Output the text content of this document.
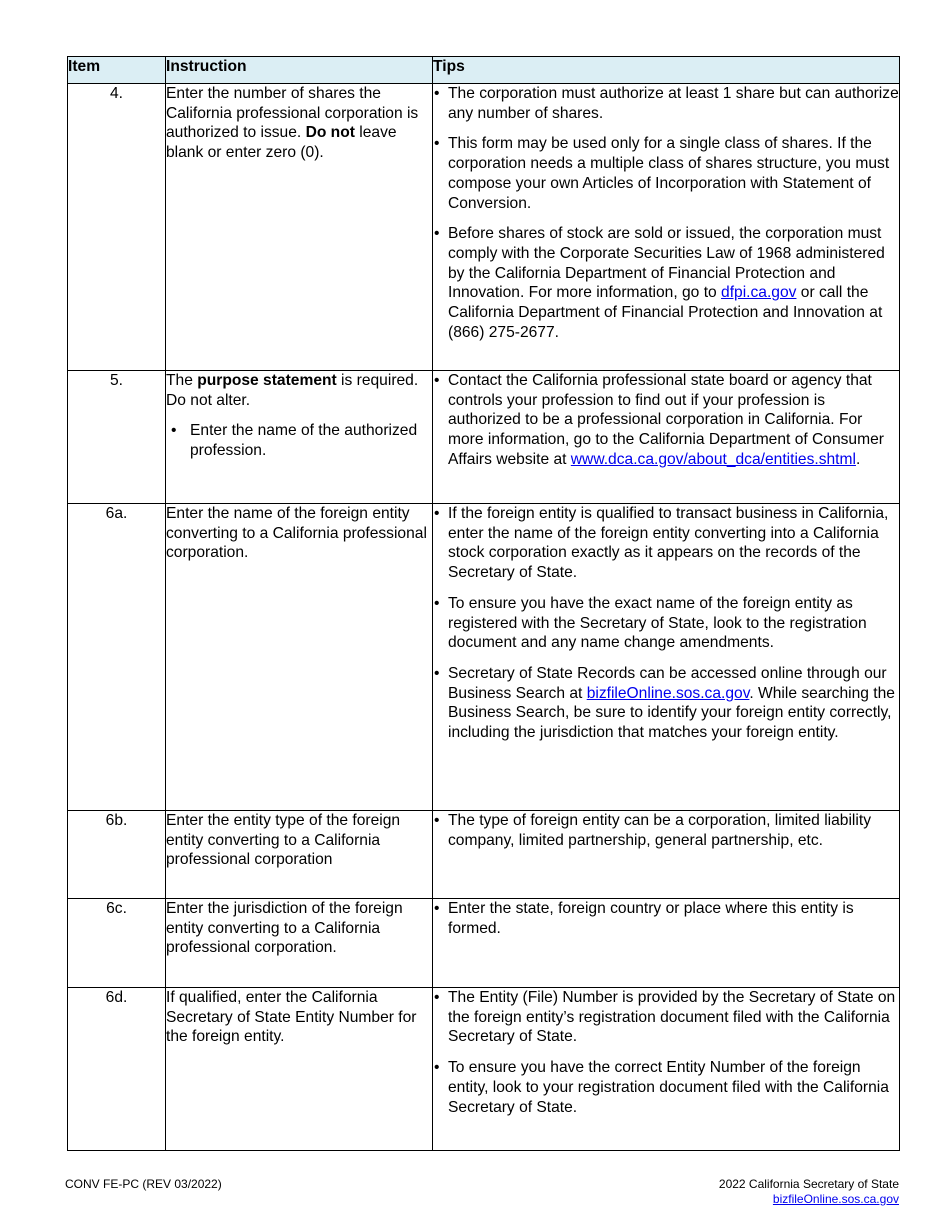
Item	Instruction	Tips
4.	Enter the number of shares the California professional corporation is authorized to issue. Do not leave blank or enter zero (0).	• The corporation must authorize at least 1 share but can authorize any number of shares.
• This form may be used only for a single class of shares. If the corporation needs a multiple class of shares structure, you must compose your own Articles of Incorporation with Statement of Conversion.
• Before shares of stock are sold or issued, the corporation must comply with the Corporate Securities Law of 1968 administered by the California Department of Financial Protection and Innovation. For more information, go to dfpi.ca.gov or call the California Department of Financial Protection and Innovation at (866) 275-2677.

5.	The purpose statement is required. Do not alter.
• Enter the name of the authorized profession.	• Contact the California professional state board or agency that controls your profession to find out if your profession is authorized to be a professional corporation in California. For more information, go to the California Department of Consumer Affairs website at www.dca.ca.gov/about_dca/entities.shtml.

6a.	Enter the name of the foreign entity converting to a California professional corporation.	• If the foreign entity is qualified to transact business in California, enter the name of the foreign entity converting into a California stock corporation exactly as it appears on the records of the Secretary of State.
• To ensure you have the exact name of the foreign entity as registered with the Secretary of State, look to the registration document and any name change amendments.
• Secretary of State Records can be accessed online through our Business Search at bizfileOnline.sos.ca.gov. While searching the Business Search, be sure to identify your foreign entity correctly, including the jurisdiction that matches your foreign entity.

6b.	Enter the entity type of the foreign entity converting to a California professional corporation	• The type of foreign entity can be a corporation, limited liability company, limited partnership, general partnership, etc.

6c.	Enter the jurisdiction of the foreign entity converting to a California professional corporation.	• Enter the state, foreign country or place where this entity is formed.

6d.	If qualified, enter the California Secretary of State Entity Number for the foreign entity.	• The Entity (File) Number is provided by the Secretary of State on the foreign entity’s registration document filed with the California Secretary of State.
• To ensure you have the correct Entity Number of the foreign entity, look to your registration document filed with the California Secretary of State.
CONV FE-PC (REV 03/2022)	2022 California Secretary of State
bizfileOnline.sos.ca.gov
